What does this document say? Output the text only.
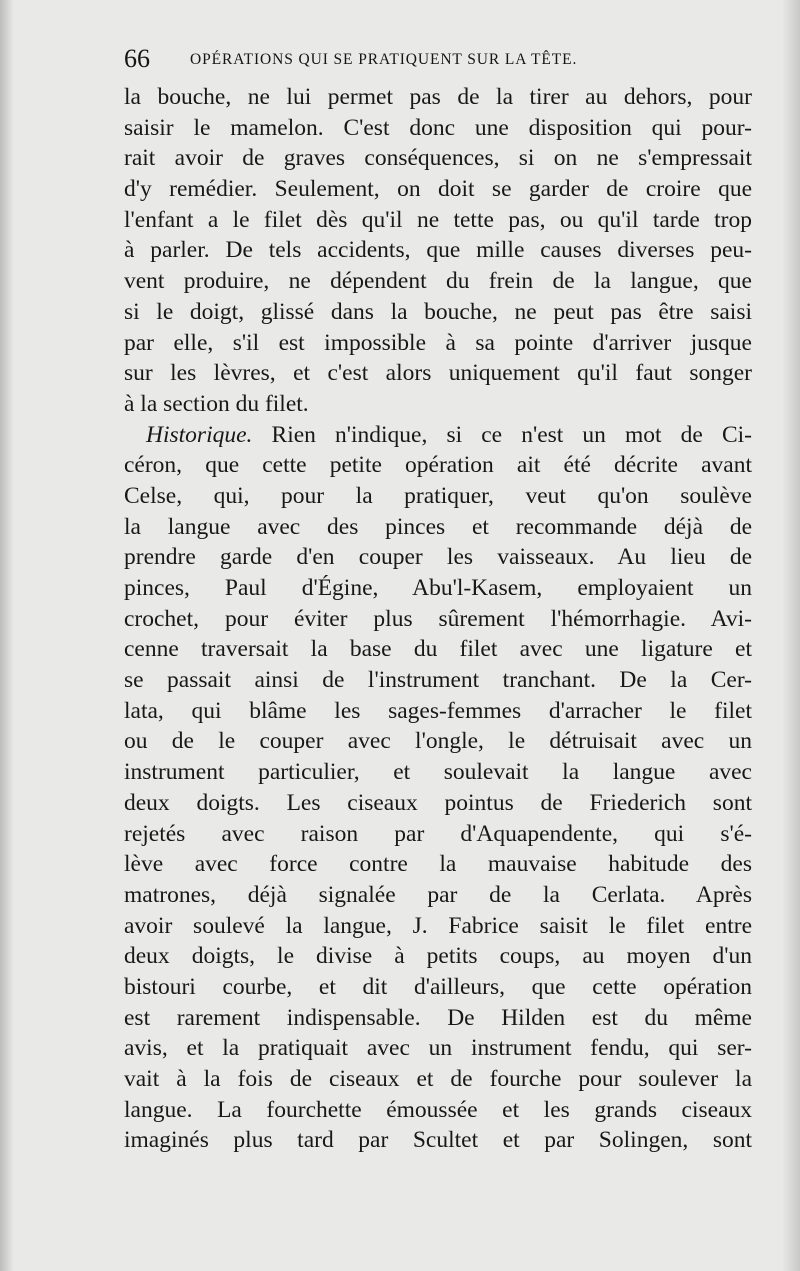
66	OPÉRATIONS QUI SE PRATIQUENT SUR LA TÊTE.
la bouche, ne lui permet pas de la tirer au dehors, pour
saisir le mamelon. C'est donc une disposition qui pour-
rait avoir de graves conséquences, si on ne s'empressait
d'y remédier. Seulement, on doit se garder de croire que
l'enfant a le filet dès qu'il ne tette pas, ou qu'il tarde trop
à parler. De tels accidents, que mille causes diverses peu-
vent produire, ne dépendent du frein de la langue, que
si le doigt, glissé dans la bouche, ne peut pas être saisi
par elle, s'il est impossible à sa pointe d'arriver jusque
sur les lèvres, et c'est alors uniquement qu'il faut songer
à la section du filet.
Historique. Rien n'indique, si ce n'est un mot de Ci-
céron, que cette petite opération ait été décrite avant
Celse, qui, pour la pratiquer, veut qu'on soulève
la langue avec des pinces et recommande déjà de
prendre garde d'en couper les vaisseaux. Au lieu de
pinces, Paul d'Égine, Abu'l-Kasem, employaient un
crochet, pour éviter plus sûrement l'hémorrhagie. Avi-
cenne traversait la base du filet avec une ligature et
se passait ainsi de l'instrument tranchant. De la Cer-
lata, qui blâme les sages-femmes d'arracher le filet
ou de le couper avec l'ongle, le détruisait avec un
instrument particulier, et soulevait la langue avec
deux doigts. Les ciseaux pointus de Friederich sont
rejetés avec raison par d'Aquapendente, qui s'é-
lève avec force contre la mauvaise habitude des
matrones, déjà signalée par de la Cerlata. Après
avoir soulevé la langue, J. Fabrice saisit le filet entre
deux doigts, le divise à petits coups, au moyen d'un
bistouri courbe, et dit d'ailleurs, que cette opération
est rarement indispensable. De Hilden est du même
avis, et la pratiquait avec un instrument fendu, qui ser-
vait à la fois de ciseaux et de fourche pour soulever la
langue. La fourchette émoussée et les grands ciseaux
imaginés plus tard par Scultet et par Solingen, sont
